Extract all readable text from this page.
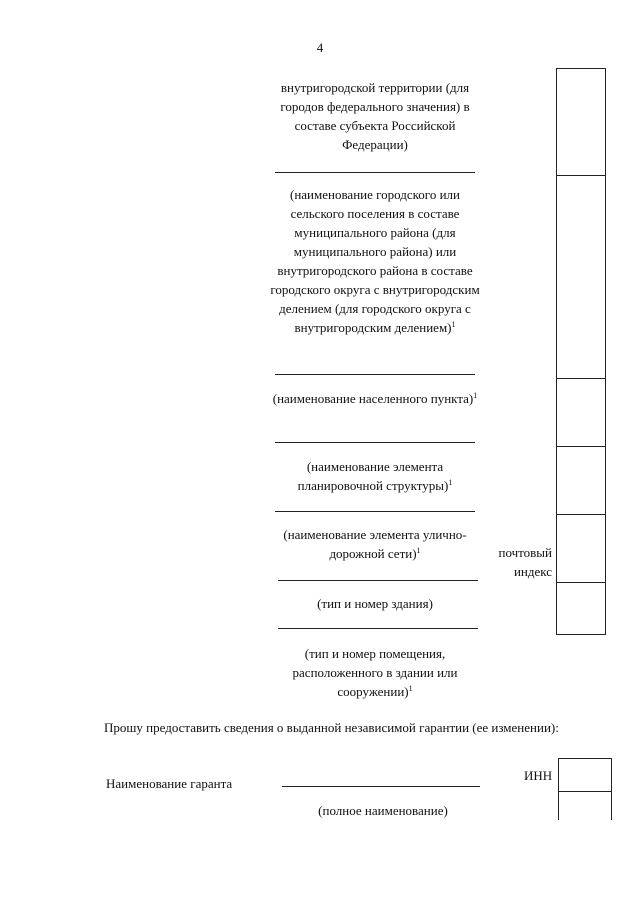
4
внутригородской территории (для городов федерального значения) в составе субъекта Российской Федерации)
(наименование городского или сельского поселения в составе муниципального района (для муниципального района) или внутригородского района в составе городского округа с внутригородским делением (для городского округа с внутригородским делением)$^1$
(наименование населенного пункта)$^1$
(наименование элемента планировочной структуры)$^1$
(наименование элемента улично-дорожной сети)$^1$
(тип и номер здания)
(тип и номер помещения, расположенного в здании или сооружении)$^1$
почтовый индекс
Прошу предоставить сведения о выданной независимой гарантии (ее изменении):
Наименование гаранта
(полное наименование)
ИНН
